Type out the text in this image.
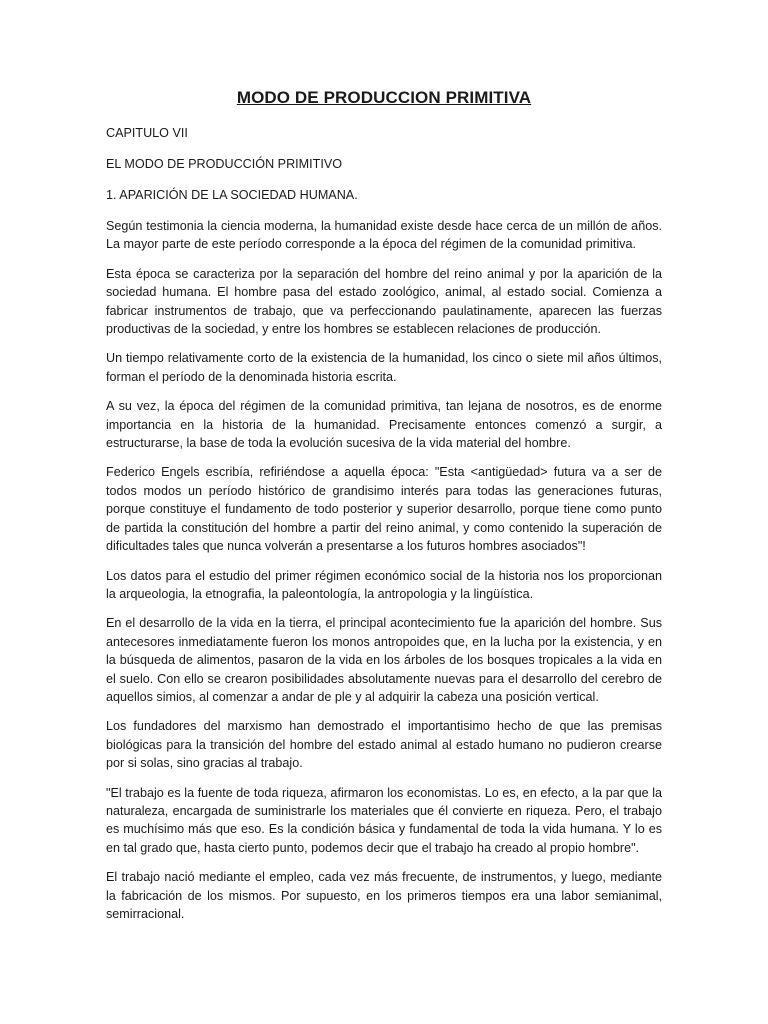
MODO DE PRODUCCION PRIMITIVA

CAPITULO VII

EL MODO DE PRODUCCIÓN PRIMITIVO

1. APARICIÓN DE LA SOCIEDAD HUMANA.

Según testimonia la ciencia moderna, la humanidad existe desde hace cerca de un millón de años. La mayor parte de este período corresponde a la época del régimen de la comunidad primitiva.

Esta época se caracteriza por la separación del hombre del reino animal y por la aparición de la sociedad humana. El hombre pasa del estado zoológico, animal, al estado social. Comienza a fabricar instrumentos de trabajo, que va perfeccionando paulatinamente, aparecen las fuerzas productivas de la sociedad, y entre los hombres se establecen relaciones de producción.

Un tiempo relativamente corto de la existencia de la humanidad, los cinco o siete mil años últimos, forman el período de la denominada historia escrita.

A su vez, la época del régimen de la comunidad primitiva, tan lejana de nosotros, es de enorme importancia en la historia de la humanidad. Precisamente entonces comenzó a surgir, a estructurarse, la base de toda la evolución sucesiva de la vida material del hombre.

Federico Engels escribía, refiriéndose a aquella época: "Esta <antigüedad> futura va a ser de todos modos un período histórico de grandisimo interés para todas las generaciones futuras, porque constituye el fundamento de todo posterior y superior desarrollo, porque tiene como punto de partida la constitución del hombre a partir del reino animal, y como contenido la superación de dificultades tales que nunca volverán a presentarse a los futuros hombres asociados"!

Los datos para el estudio del primer régimen económico social de la historia nos los proporcionan la arqueologia, la etnografia, la paleontología, la antropologia y la lingüística.

En el desarrollo de la vida en la tierra, el principal acontecimiento fue la aparición del hombre. Sus antecesores inmediatamente fueron los monos antropoides que, en la lucha por la existencia, y en la búsqueda de alimentos, pasaron de la vida en los árboles de los bosques tropicales a la vida en el suelo. Con ello se crearon posibilidades absolutamente nuevas para el desarrollo del cerebro de aquellos simios, al comenzar a andar de ple y al adquirir la cabeza una posición vertical.

Los fundadores del marxismo han demostrado el importantisimo hecho de que las premisas biológicas para la transición del hombre del estado animal al estado humano no pudieron crearse por si solas, sino gracias al trabajo.

"El trabajo es la fuente de toda riqueza, afirmaron los economistas. Lo es, en efecto, a la par que la naturaleza, encargada de suministrarle los materiales que él convierte en riqueza. Pero, el trabajo es muchísimo más que eso. Es la condición básica y fundamental de toda la vida humana. Y lo es en tal grado que, hasta cierto punto, podemos decir que el trabajo ha creado al propio hombre".

El trabajo nació mediante el empleo, cada vez más frecuente, de instrumentos, y luego, mediante la fabricación de los mismos. Por supuesto, en los primeros tiempos era una labor semianimal, semirracional.
